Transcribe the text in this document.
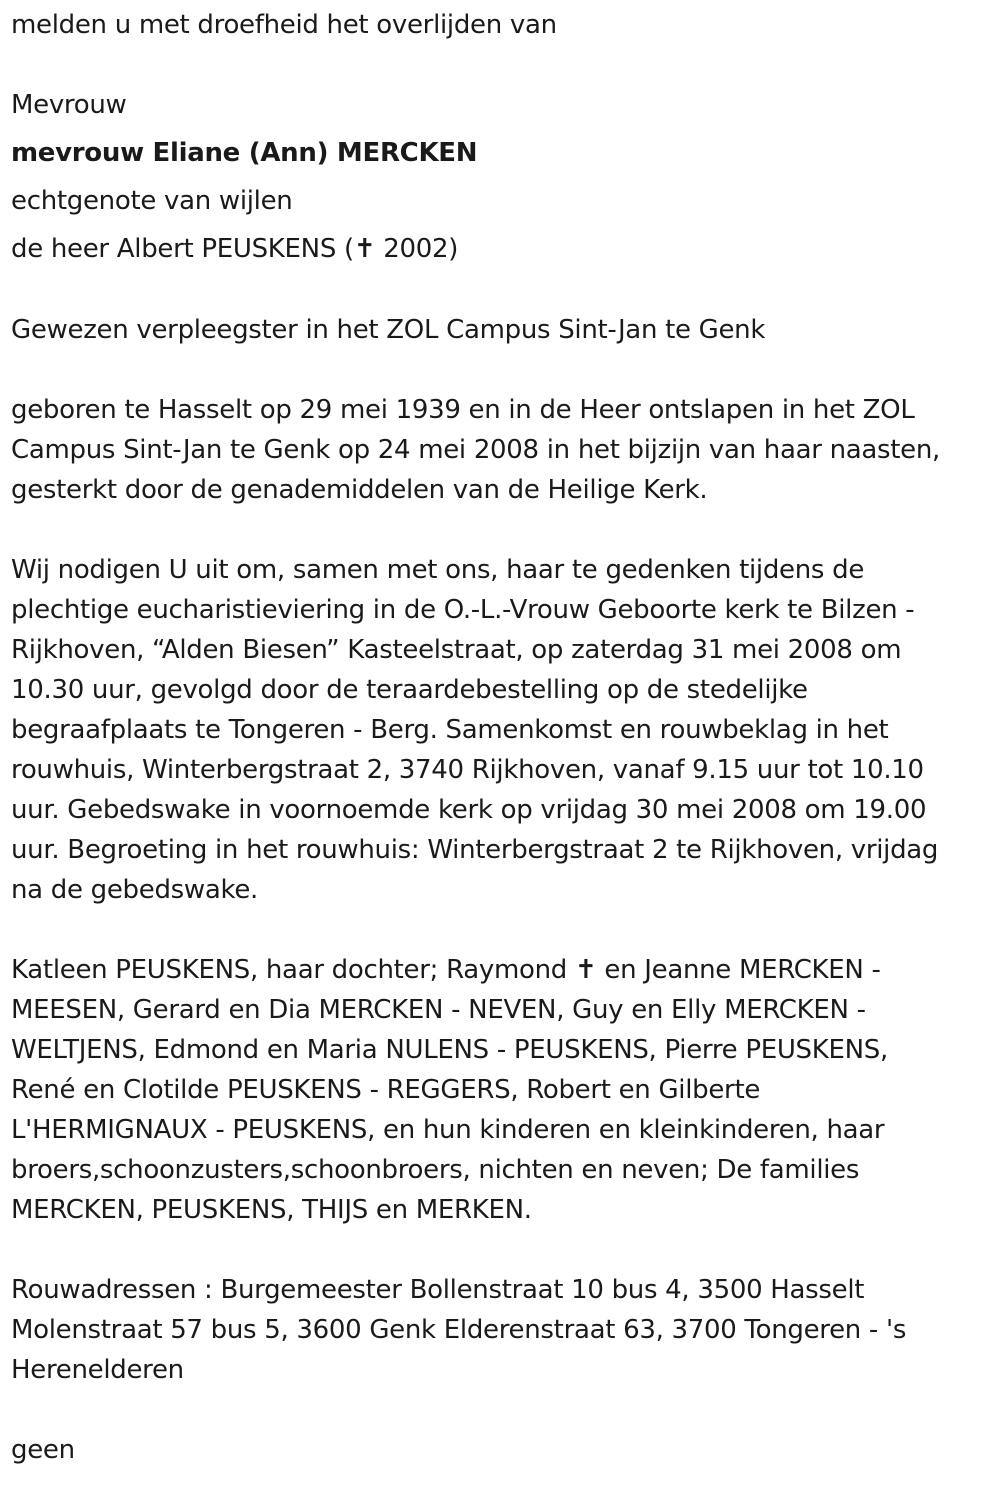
melden u met droefheid het overlijden van
Mevrouw
mevrouw Eliane (Ann) MERCKEN
echtgenote van wijlen
de heer Albert PEUSKENS (✝ 2002)
Gewezen verpleegster in het ZOL Campus Sint-Jan te Genk
geboren te Hasselt op 29 mei 1939 en in de Heer ontslapen in het ZOL
Campus Sint-Jan te Genk op 24 mei 2008 in het bijzijn van haar naasten,
gesterkt door de genademiddelen van de Heilige Kerk.
Wij nodigen U uit om, samen met ons, haar te gedenken tijdens de
plechtige eucharistieviering in de O.-L.-Vrouw Geboorte kerk te Bilzen -
Rijkhoven, “Alden Biesen” Kasteelstraat, op zaterdag 31 mei 2008 om
10.30 uur, gevolgd door de teraardebestelling op de stedelijke
begraafplaats te Tongeren - Berg. Samenkomst en rouwbeklag in het
rouwhuis, Winterbergstraat 2, 3740 Rijkhoven, vanaf 9.15 uur tot 10.10
uur. Gebedswake in voornoemde kerk op vrijdag 30 mei 2008 om 19.00
uur. Begroeting in het rouwhuis: Winterbergstraat 2 te Rijkhoven, vrijdag
na de gebedswake.
Katleen PEUSKENS, haar dochter; Raymond ✝ en Jeanne MERCKEN -
MEESEN, Gerard en Dia MERCKEN - NEVEN, Guy en Elly MERCKEN -
WELTJENS, Edmond en Maria NULENS - PEUSKENS, Pierre PEUSKENS,
René en Clotilde PEUSKENS - REGGERS, Robert en Gilberte
L'HERMIGNAUX - PEUSKENS, en hun kinderen en kleinkinderen, haar
broers,schoonzusters,schoonbroers, nichten en neven; De families
MERCKEN, PEUSKENS, THIJS en MERKEN.
Rouwadressen : Burgemeester Bollenstraat 10 bus 4, 3500 Hasselt
Molenstraat 57 bus 5, 3600 Genk Elderenstraat 63, 3700 Tongeren - 's
Herenelderen
geen
